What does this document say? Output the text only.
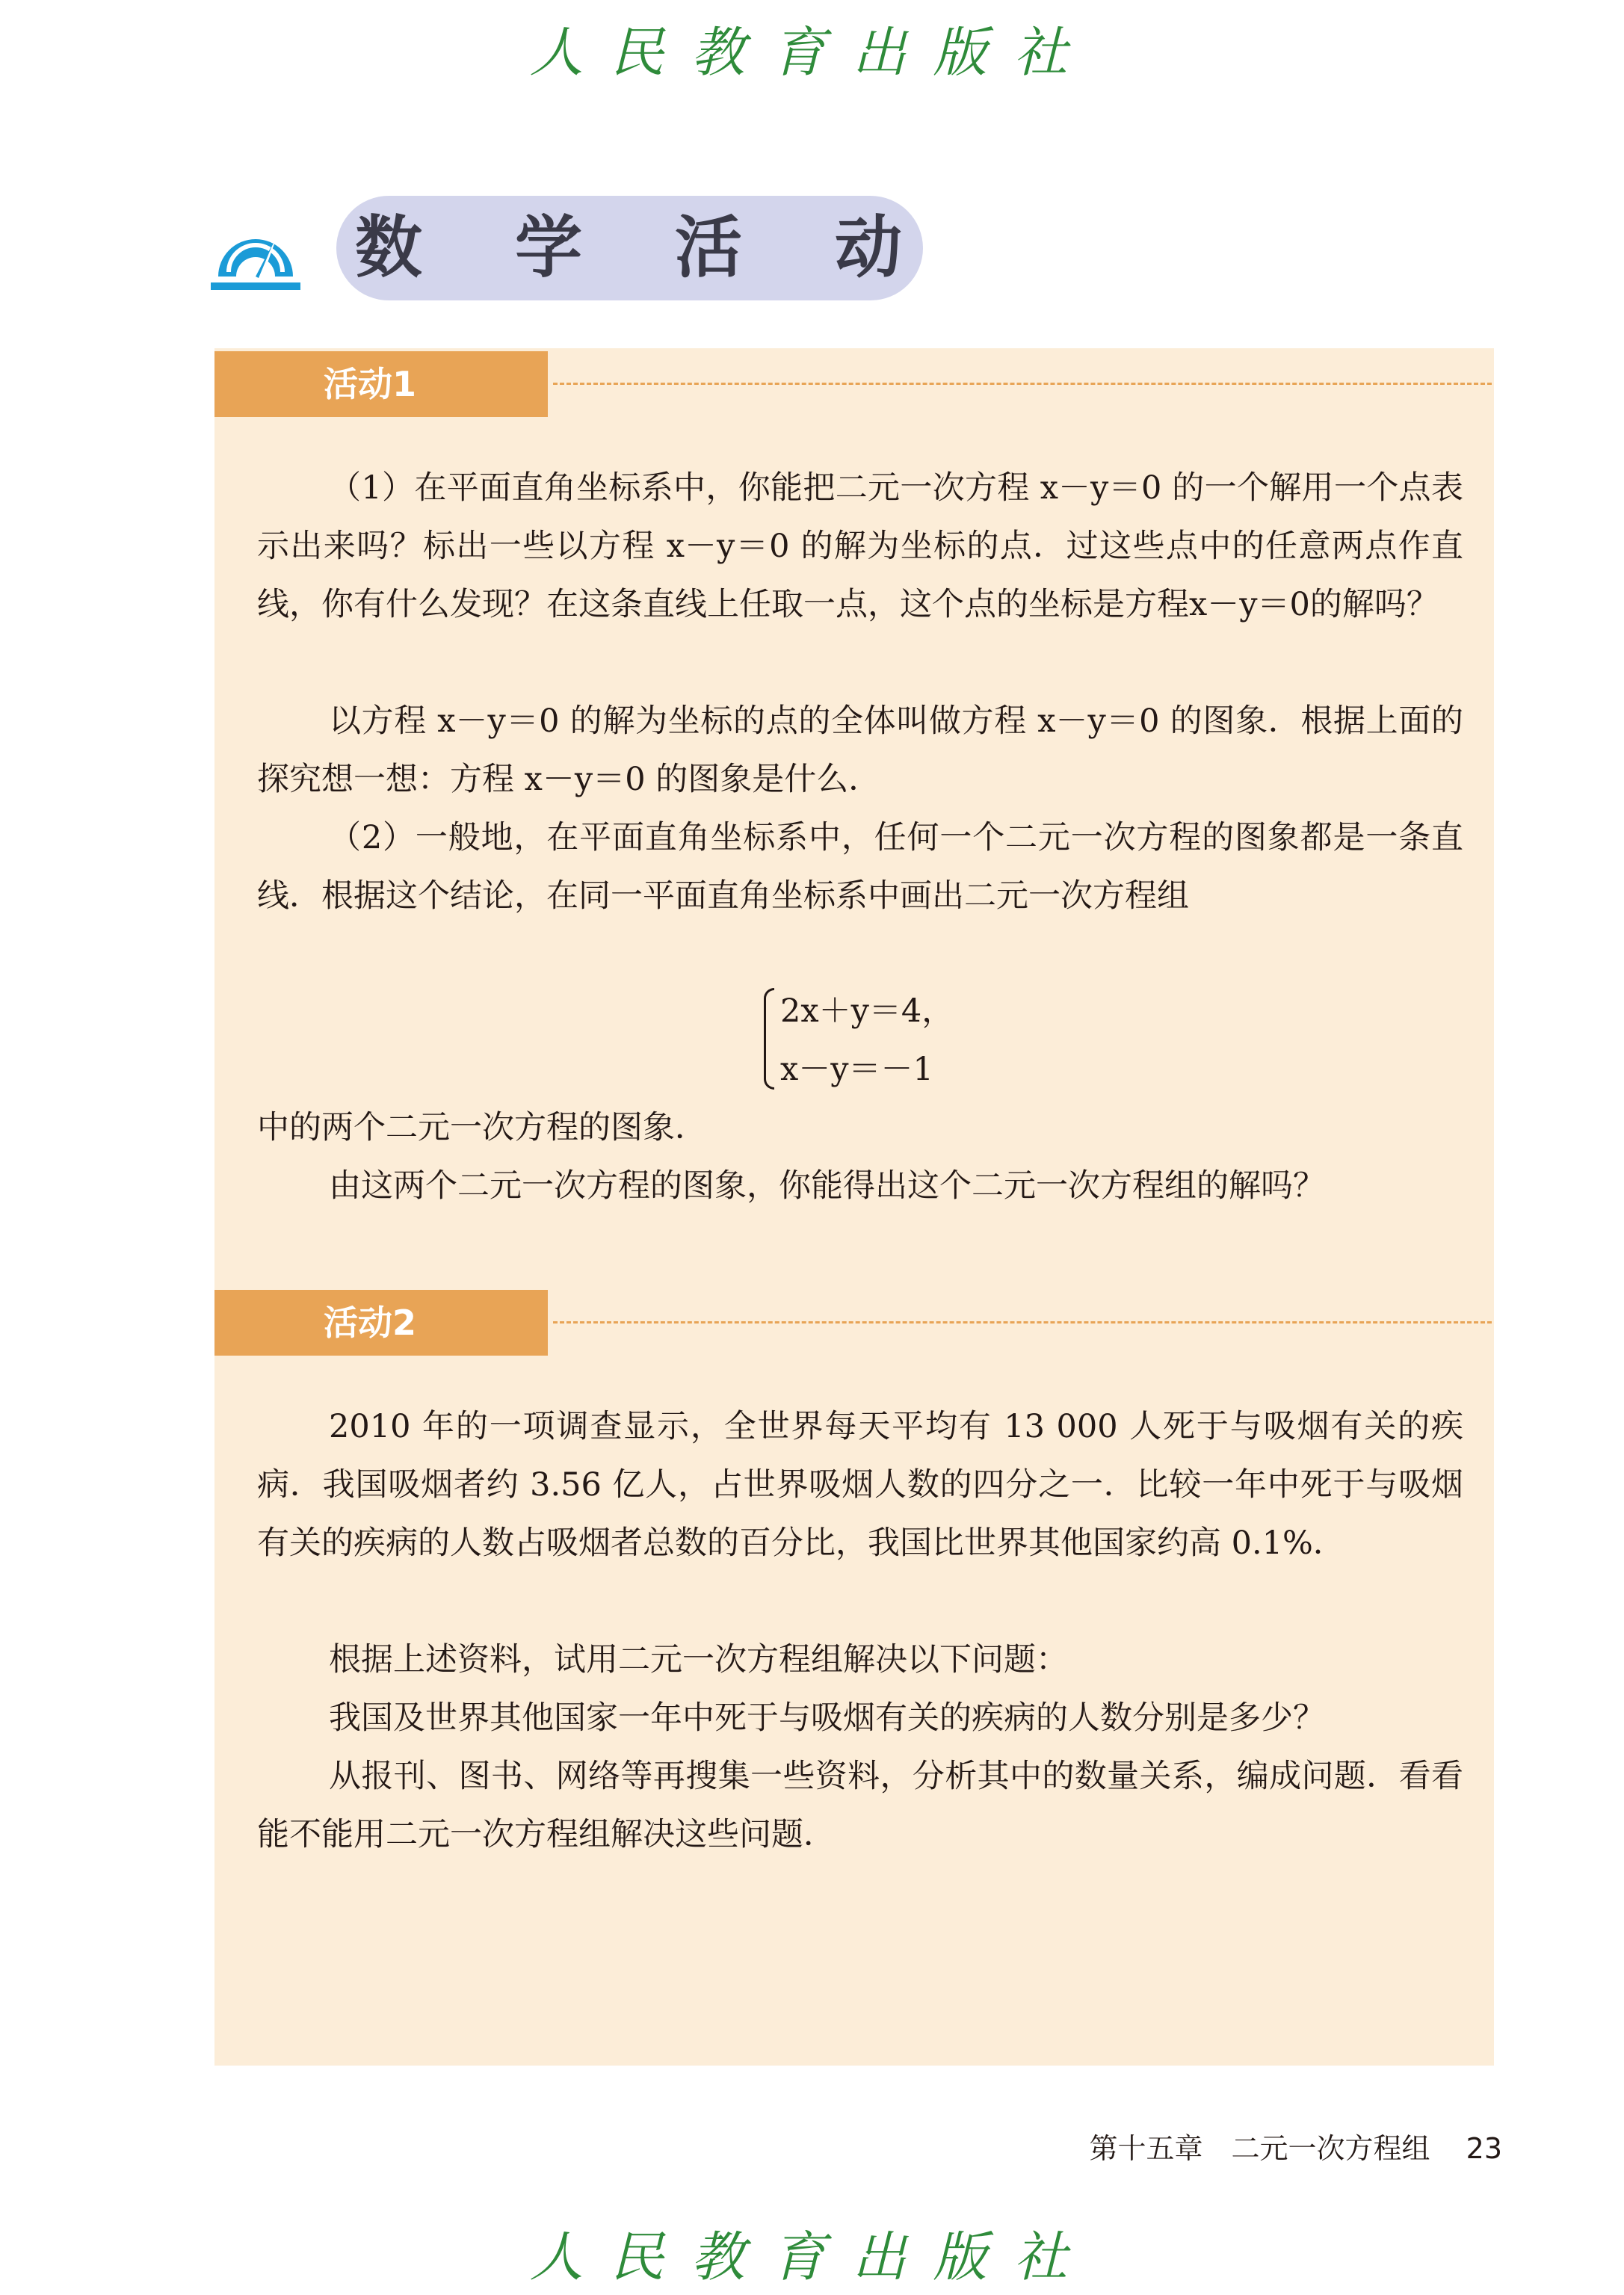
人民教育出版社
数 学 活 动
活动1
（1）在平面直角坐标系中，你能把二元一次方程 x－y＝0 的一个解用一个点表示出来吗？标出一些以方程 x－y＝0 的解为坐标的点．过这些点中的任意两点作直线，你有什么发现？在这条直线上任取一点，这个点的坐标是方程x－y＝0的解吗？
以方程 x－y＝0 的解为坐标的点的全体叫做方程 x－y＝0 的图象．根据上面的探究想一想：方程 x－y＝0 的图象是什么．
（2）一般地，在平面直角坐标系中，任何一个二元一次方程的图象都是一条直线．根据这个结论，在同一平面直角坐标系中画出二元一次方程组
2x＋y＝4，
x－y＝－1
中的两个二元一次方程的图象．
由这两个二元一次方程的图象，你能得出这个二元一次方程组的解吗？
活动2
2010 年的一项调查显示，全世界每天平均有 13 000 人死于与吸烟有关的疾病．我国吸烟者约 3.56 亿人，占世界吸烟人数的四分之一．比较一年中死于与吸烟有关的疾病的人数占吸烟者总数的百分比，我国比世界其他国家约高 0.1%．
根据上述资料，试用二元一次方程组解决以下问题：
我国及世界其他国家一年中死于与吸烟有关的疾病的人数分别是多少？
从报刊、图书、网络等再搜集一些资料，分析其中的数量关系，编成问题．看看能不能用二元一次方程组解决这些问题．
第十五章　二元一次方程组 23
人民教育出版社
